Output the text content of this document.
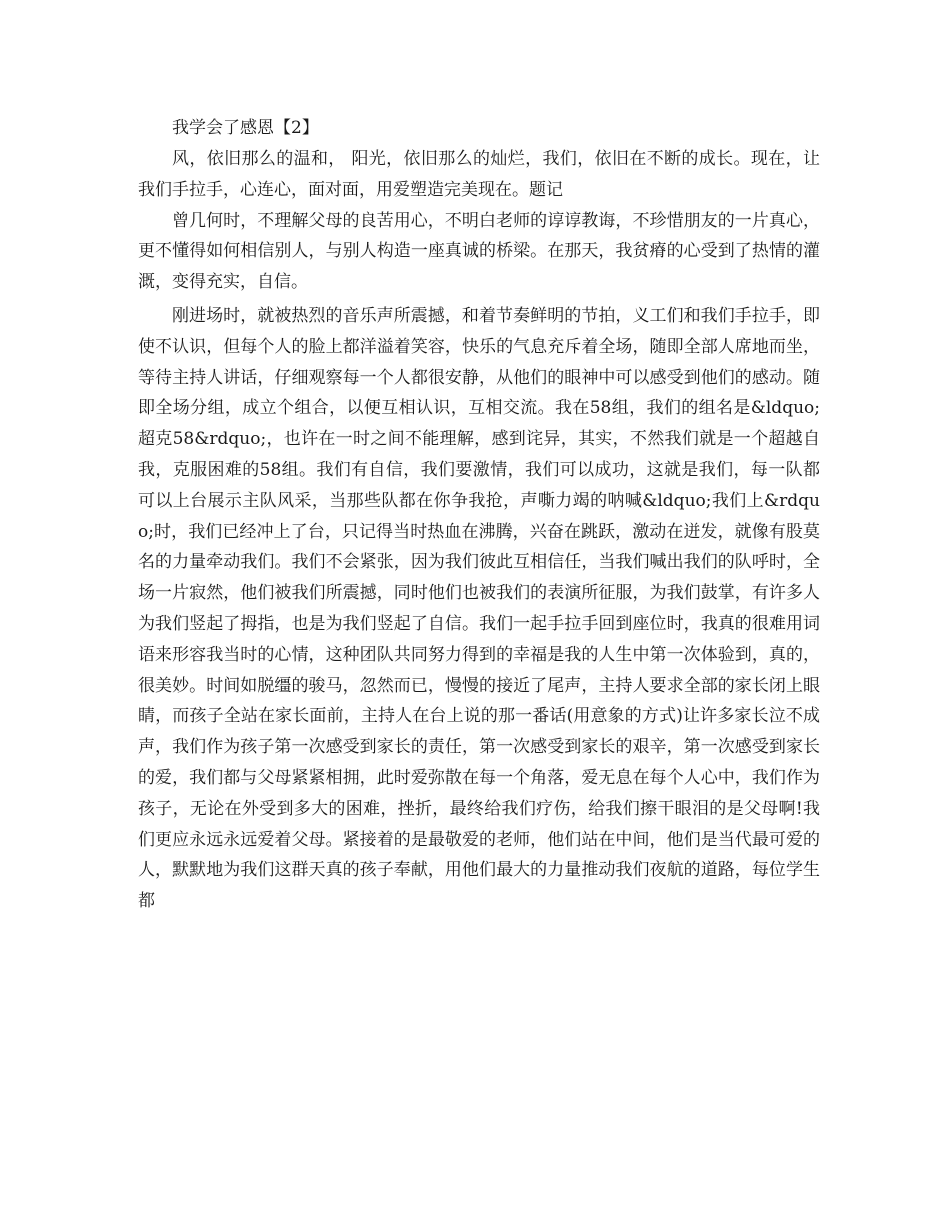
我学会了感恩【2】

风，依旧那么的温和， 阳光，依旧那么的灿烂，我们，依旧在不断的成长。现在，让我们手拉手，心连心，面对面，用爱塑造完美现在。题记

曾几何时，不理解父母的良苦用心，不明白老师的谆谆教诲，不珍惜朋友的一片真心，更不懂得如何相信别人，与别人构造一座真诚的桥梁。在那天，我贫瘠的心受到了热情的灌溉，变得充实，自信。

刚进场时，就被热烈的音乐声所震撼，和着节奏鲜明的节拍，义工们和我们手拉手，即使不认识，但每个人的脸上都洋溢着笑容，快乐的气息充斥着全场，随即全部人席地而坐，等待主持人讲话，仔细观察每一个人都很安静，从他们的眼神中可以感受到他们的感动。随即全场分组，成立个组合，以便互相认识，互相交流。我在58组，我们的组名是&ldquo;超克58&rdquo;，也许在一时之间不能理解，感到诧异，其实，不然我们就是一个超越自我，克服困难的58组。我们有自信，我们要激情，我们可以成功，这就是我们，每一队都可以上台展示主队风采，当那些队都在你争我抢，声嘶力竭的呐喊&ldquo;我们上&rdquo;时，我们已经冲上了台，只记得当时热血在沸腾，兴奋在跳跃，激动在迸发，就像有股莫名的力量牵动我们。我们不会紧张，因为我们彼此互相信任，当我们喊出我们的队呼时，全场一片寂然，他们被我们所震撼，同时他们也被我们的表演所征服，为我们鼓掌，有许多人为我们竖起了拇指，也是为我们竖起了自信。我们一起手拉手回到座位时，我真的很难用词语来形容我当时的心情，这种团队共同努力得到的幸福是我的人生中第一次体验到，真的，很美妙。时间如脱缰的骏马，忽然而已，慢慢的接近了尾声，主持人要求全部的家长闭上眼睛，而孩子全站在家长面前，主持人在台上说的那一番话(用意象的方式)让许多家长泣不成声，我们作为孩子第一次感受到家长的责任，第一次感受到家长的艰辛，第一次感受到家长的爱，我们都与父母紧紧相拥，此时爱弥散在每一个角落，爱无息在每个人心中，我们作为孩子，无论在外受到多大的困难，挫折，最终给我们疗伤，给我们擦干眼泪的是父母啊!我们更应永远永远爱着父母。紧接着的是最敬爱的老师，他们站在中间，他们是当代最可爱的人，默默地为我们这群天真的孩子奉献，用他们最大的力量推动我们夜航的道路，每位学生都
